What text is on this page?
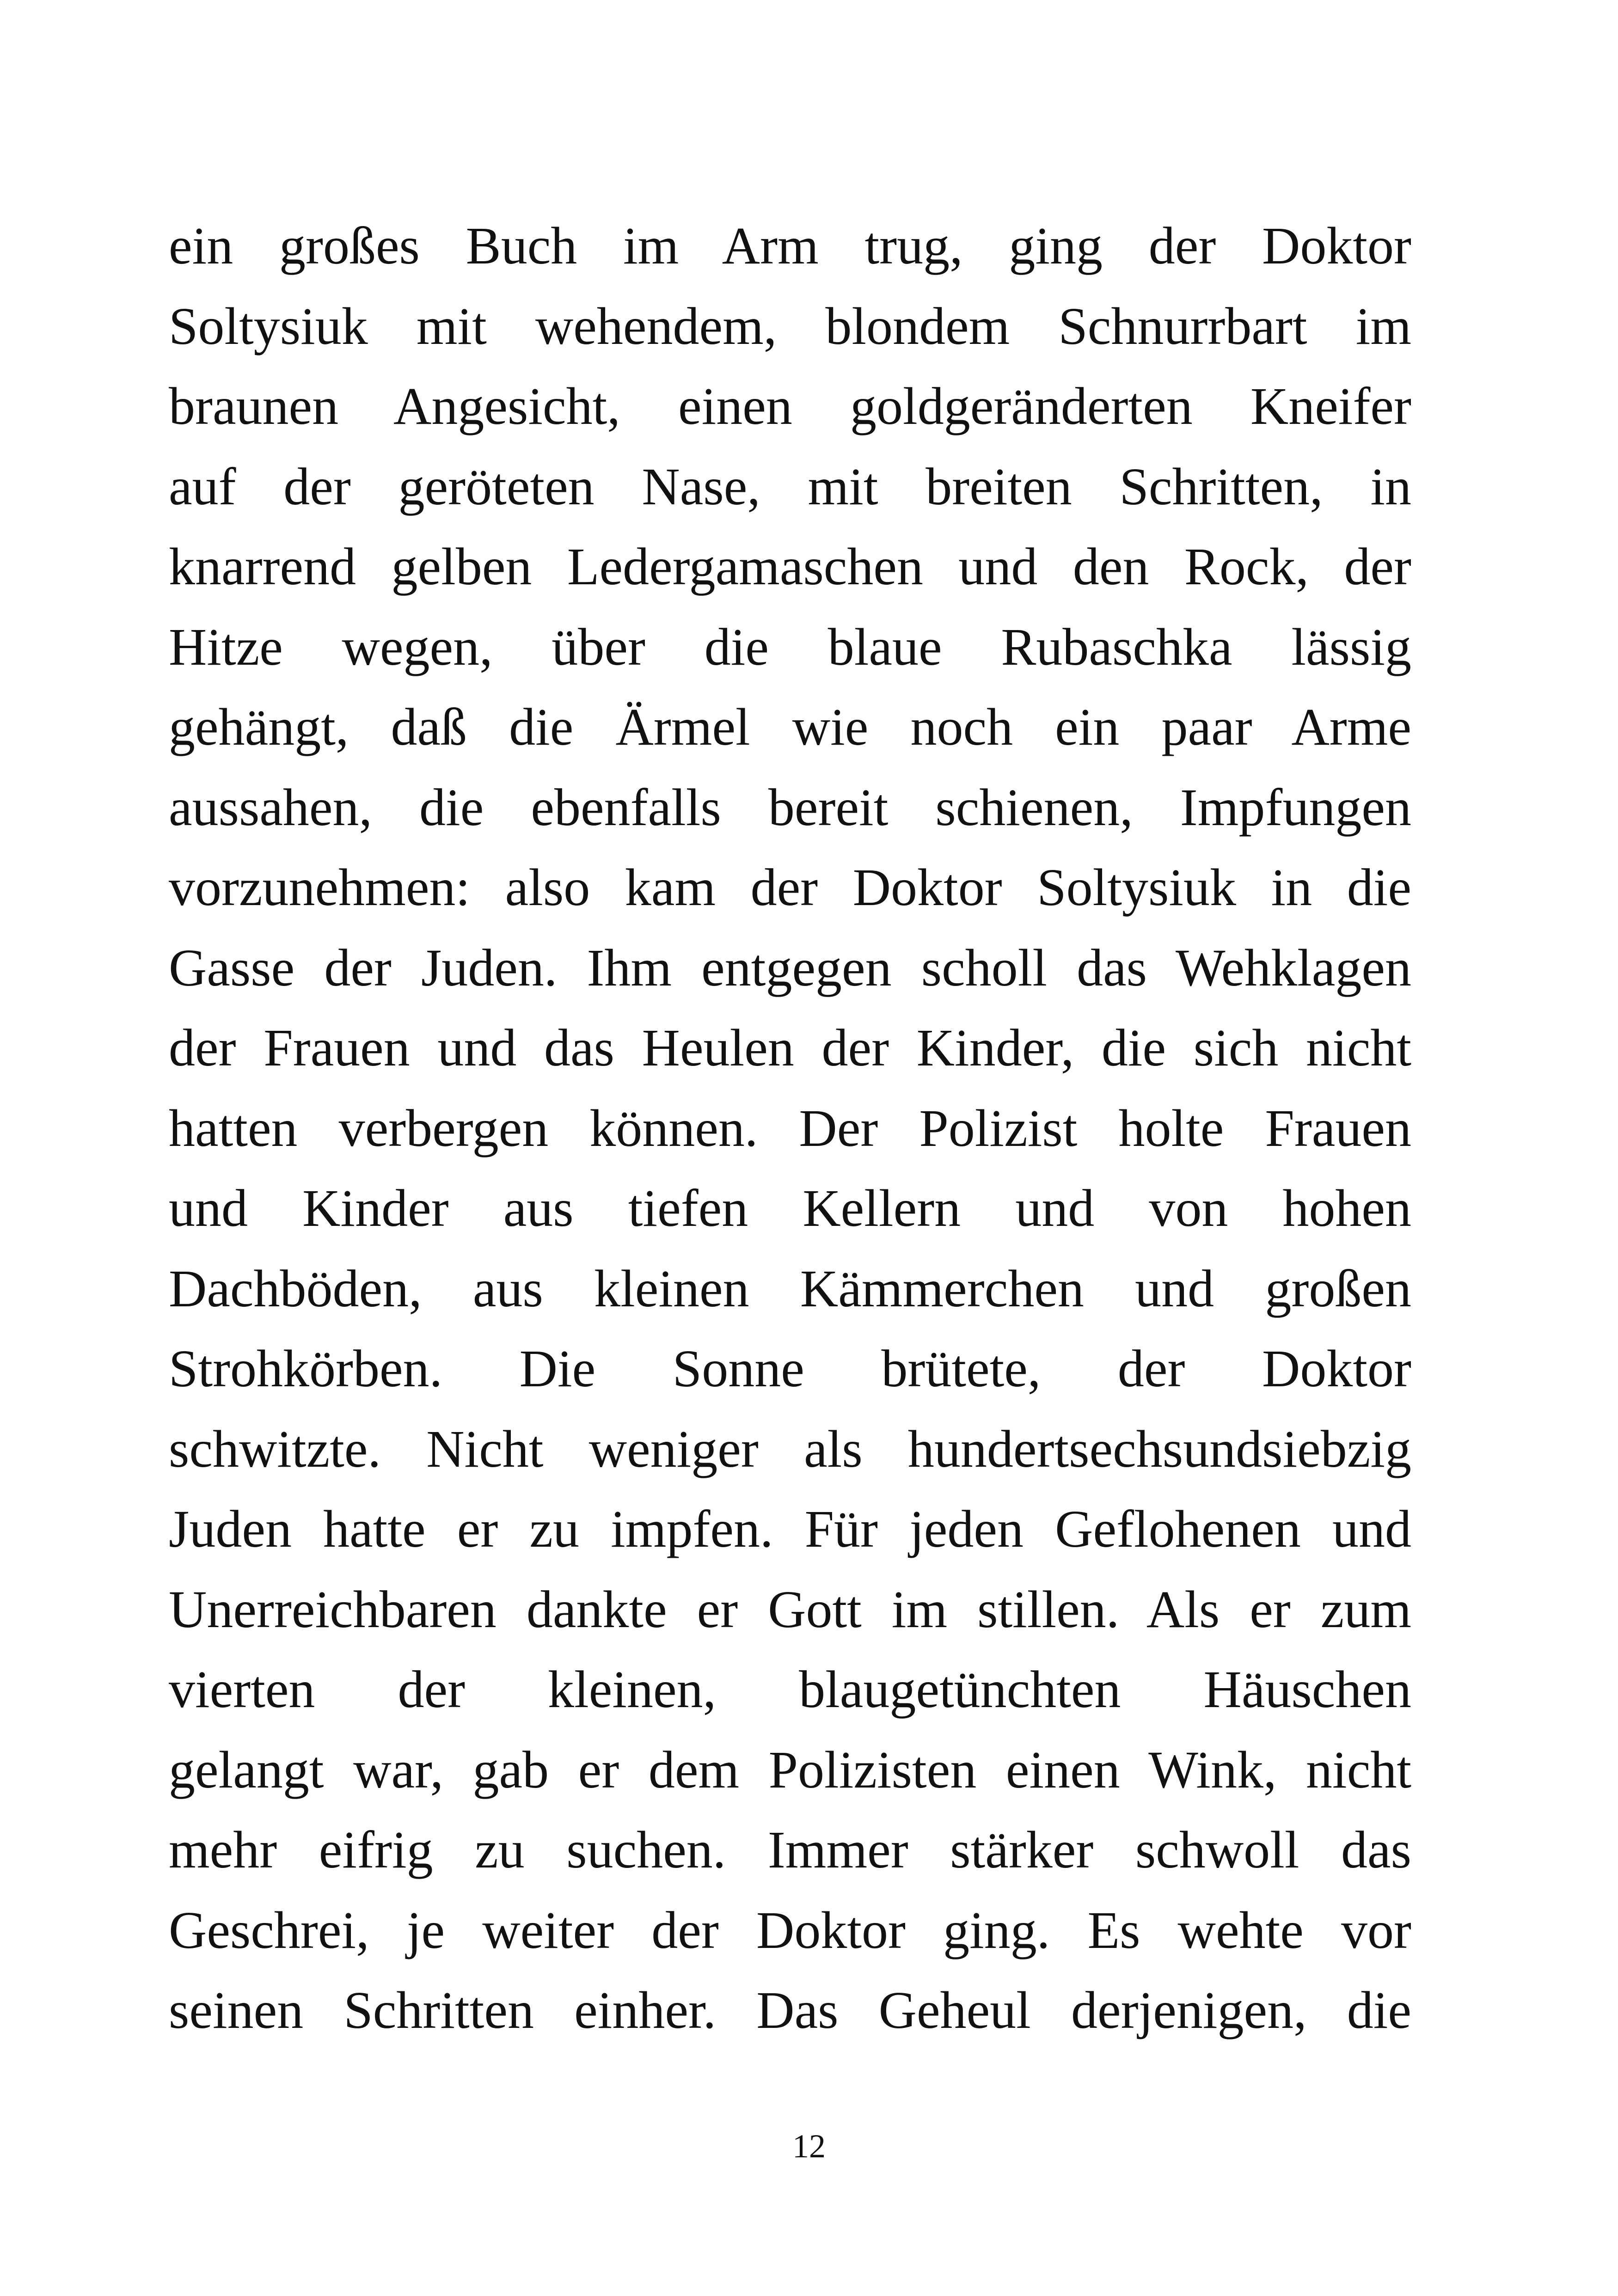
ein großes Buch im Arm trug, ging der Doktor
Soltysiuk mit wehendem, blondem Schnurrbart im
braunen Angesicht, einen goldgeränderten Kneifer
auf der geröteten Nase, mit breiten Schritten, in
knarrend gelben Ledergamaschen und den Rock, der
Hitze wegen, über die blaue Rubaschka lässig
gehängt, daß die Ärmel wie noch ein paar Arme
aussahen, die ebenfalls bereit schienen, Impfungen
vorzunehmen: also kam der Doktor Soltysiuk in die
Gasse der Juden. Ihm entgegen scholl das Wehklagen
der Frauen und das Heulen der Kinder, die sich nicht
hatten verbergen können. Der Polizist holte Frauen
und Kinder aus tiefen Kellern und von hohen
Dachböden, aus kleinen Kämmerchen und großen
Strohkörben. Die Sonne brütete, der Doktor
schwitzte. Nicht weniger als hundertsechsundsiebzig
Juden hatte er zu impfen. Für jeden Geflohenen und
Unerreichbaren dankte er Gott im stillen. Als er zum
vierten der kleinen, blaugetünchten Häuschen
gelangt war, gab er dem Polizisten einen Wink, nicht
mehr eifrig zu suchen. Immer stärker schwoll das
Geschrei, je weiter der Doktor ging. Es wehte vor
seinen Schritten einher. Das Geheul derjenigen, die
12
